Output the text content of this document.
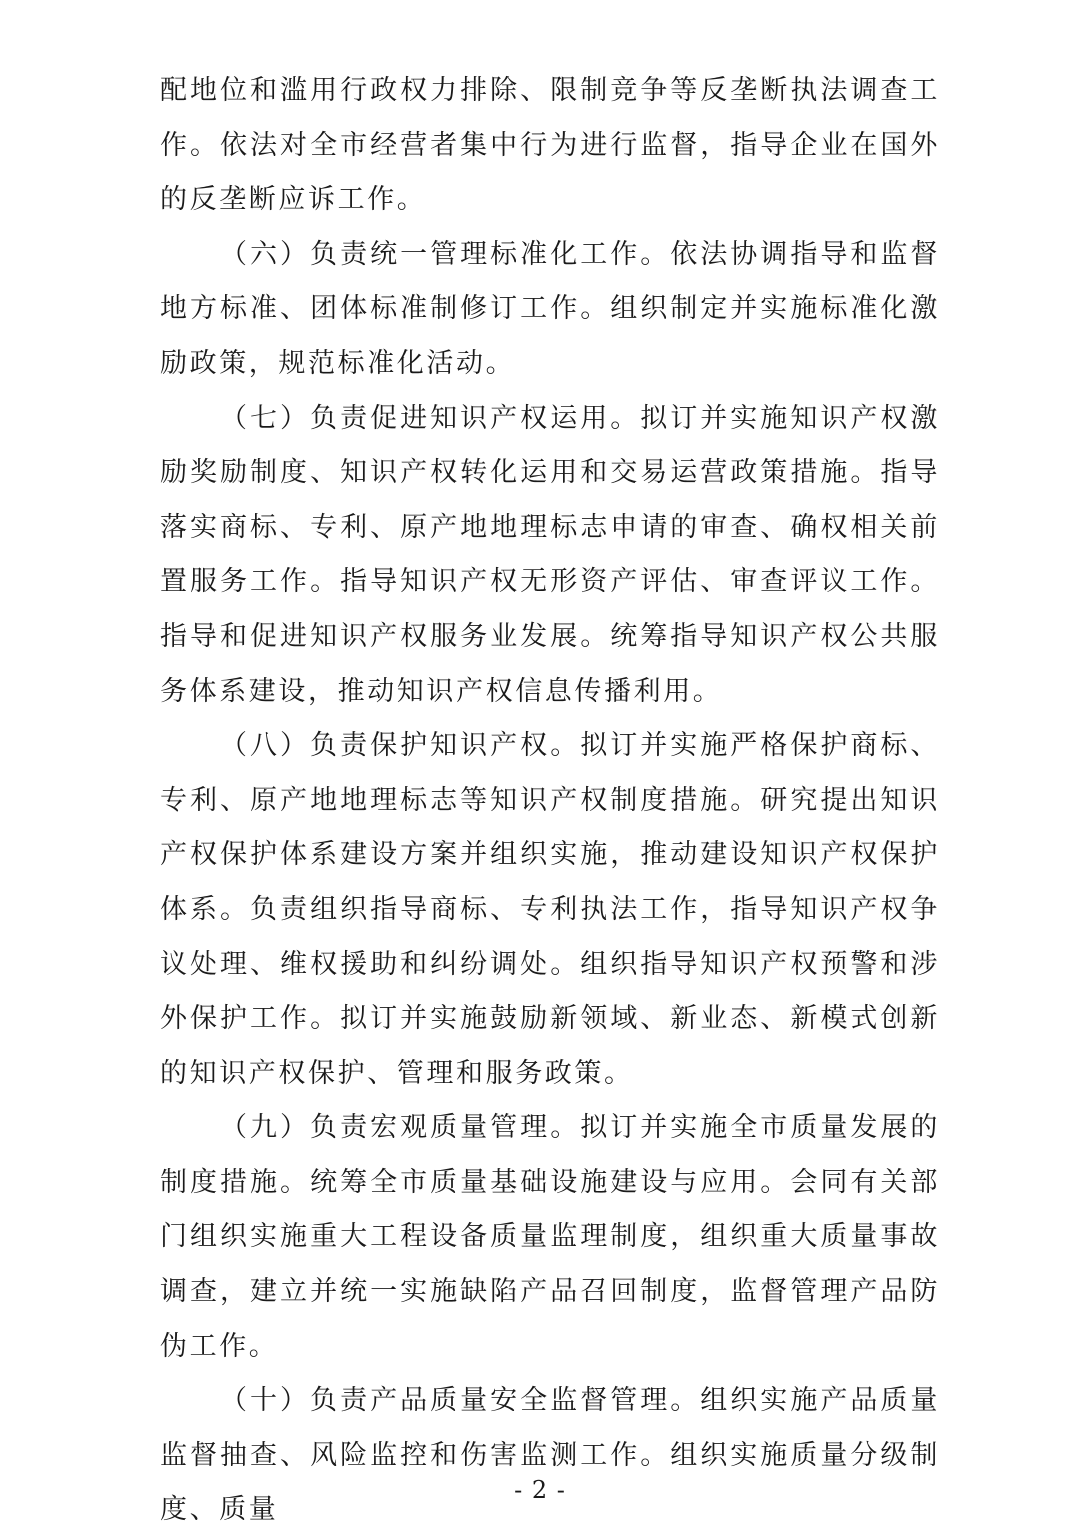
配地位和滥用行政权力排除、限制竞争等反垄断执法调查工作。依法对全市经营者集中行为进行监督，指导企业在国外的反垄断应诉工作。

（六）负责统一管理标准化工作。依法协调指导和监督地方标准、团体标准制修订工作。组织制定并实施标准化激励政策，规范标准化活动。

（七）负责促进知识产权运用。拟订并实施知识产权激励奖励制度、知识产权转化运用和交易运营政策措施。指导落实商标、专利、原产地地理标志申请的审查、确权相关前置服务工作。指导知识产权无形资产评估、审查评议工作。指导和促进知识产权服务业发展。统筹指导知识产权公共服务体系建设，推动知识产权信息传播利用。

（八）负责保护知识产权。拟订并实施严格保护商标、专利、原产地地理标志等知识产权制度措施。研究提出知识产权保护体系建设方案并组织实施，推动建设知识产权保护体系。负责组织指导商标、专利执法工作，指导知识产权争议处理、维权援助和纠纷调处。组织指导知识产权预警和涉外保护工作。拟订并实施鼓励新领域、新业态、新模式创新的知识产权保护、管理和服务政策。

（九）负责宏观质量管理。拟订并实施全市质量发展的制度措施。统筹全市质量基础设施建设与应用。会同有关部门组织实施重大工程设备质量监理制度，组织重大质量事故调查，建立并统一实施缺陷产品召回制度，监督管理产品防伪工作。

（十）负责产品质量安全监督管理。组织实施产品质量监督抽查、风险监控和伤害监测工作。组织实施质量分级制度、质量

- 2 -
